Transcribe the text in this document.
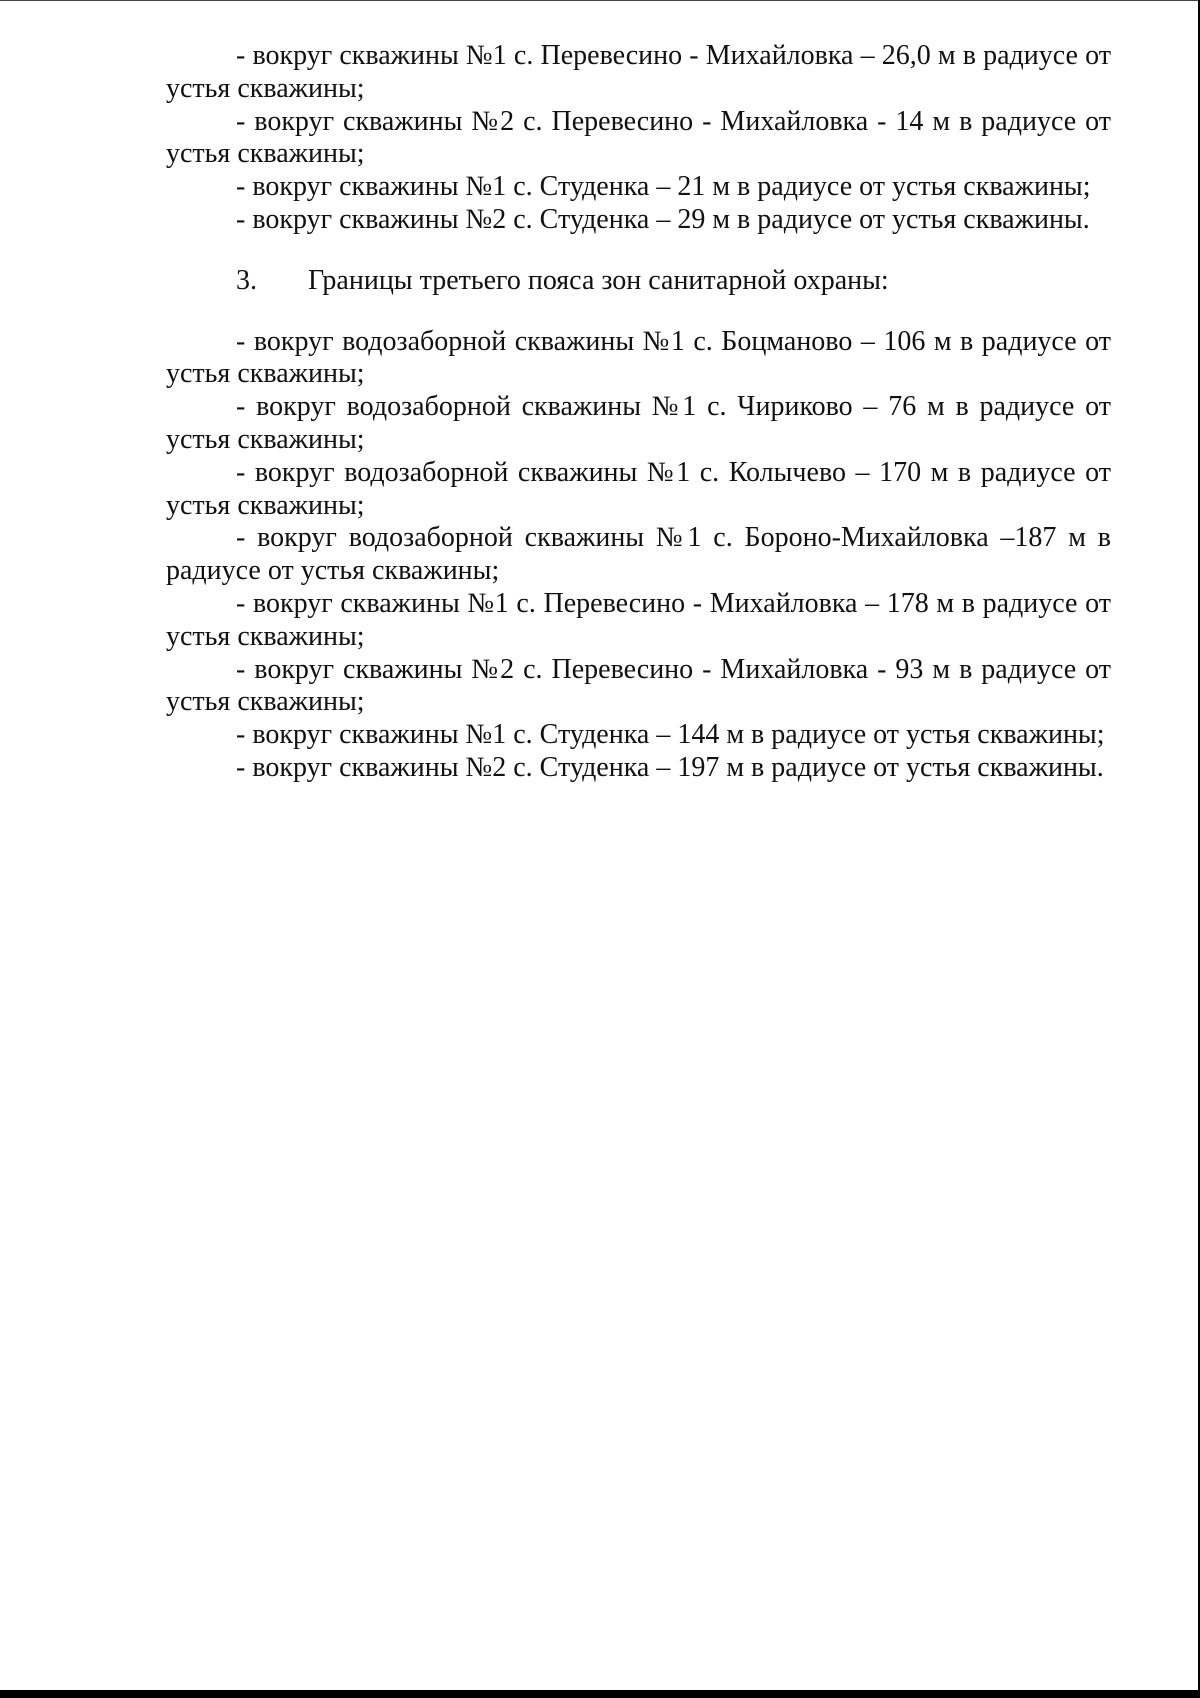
- вокруг скважины №1 с. Перевесино - Михайловка – 26,0 м в радиусе от устья скважины;

- вокруг скважины №2 с. Перевесино - Михайловка - 14 м в радиусе от устья скважины;

- вокруг скважины №1 с. Студенка – 21 м в радиусе от устья скважины;

- вокруг скважины №2 с. Студенка – 29 м в радиусе от устья скважины.

3. Границы третьего пояса зон санитарной охраны:

- вокруг водозаборной скважины №1 с. Боцманово – 106 м в радиусе от устья скважины;

- вокруг водозаборной скважины №1 с. Чириково – 76 м в радиусе от устья скважины;

- вокруг водозаборной скважины №1 с. Колычево – 170 м в радиусе от устья скважины;

- вокруг водозаборной скважины №1 с. Бороно-Михайловка –187 м в радиусе от устья скважины;

- вокруг скважины №1 с. Перевесино - Михайловка – 178 м в радиусе от устья скважины;

- вокруг скважины №2 с. Перевесино - Михайловка - 93 м в радиусе от устья скважины;

- вокруг скважины №1 с. Студенка – 144 м в радиусе от устья скважины;

- вокруг скважины №2 с. Студенка – 197 м в радиусе от устья скважины.
